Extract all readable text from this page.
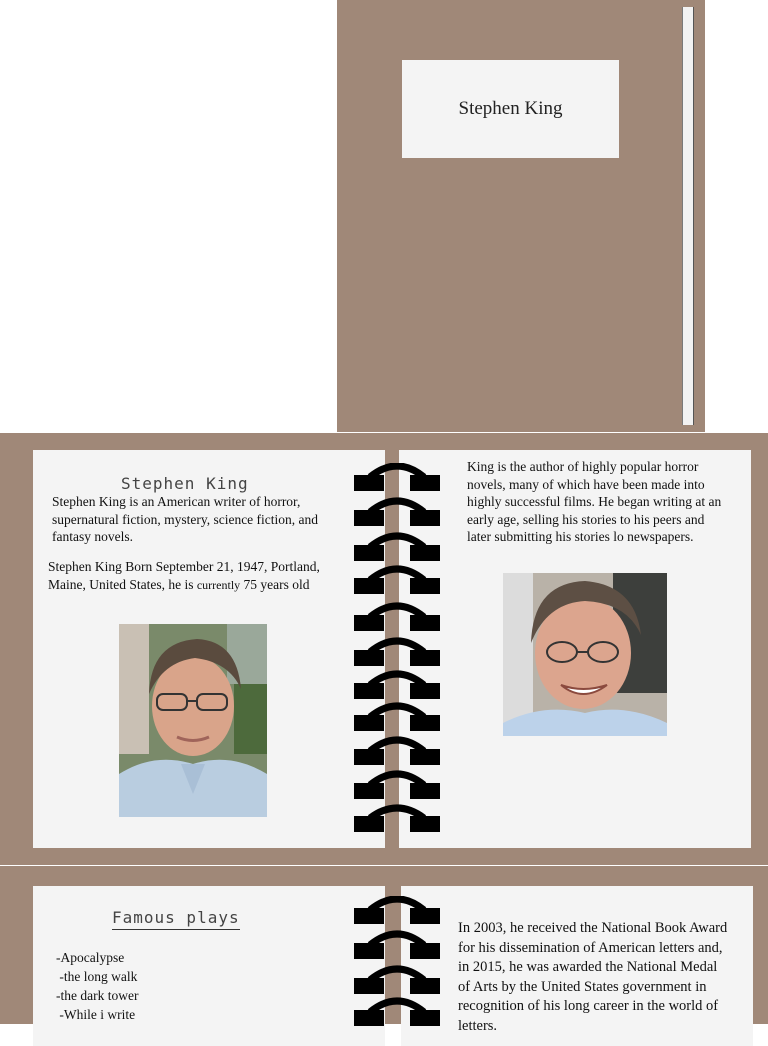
Stephen King
Stephen King
Stephen King is an American writer of horror, supernatural fiction, mystery, science fiction, and fantasy novels.
Stephen King Born September 21, 1947, Portland, Maine, United States, he is currently 75 years old
King is the author of highly popular horror novels, many of which have been made into highly successful films. He began writing at an early age, selling his stories to his peers and later submitting his stories lo newspapers.
Famous plays
-Apocalypse
-the long walk
-the dark tower
-While i write
In 2003, he received the National Book Award for his dissemination of American letters and, in 2015, he was awarded the National Medal of Arts by the United States government in recognition of his long career in the world of letters.
